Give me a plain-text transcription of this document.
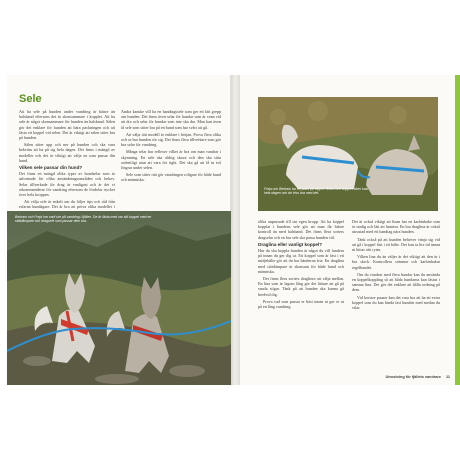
Sele

Att ha sele på hunden under vandring är bättre än halsband eftersom det är skonsammare i kopplet. Att ha sele är något skonsammare för hunden än halsband. Sälen gör det enklare för hunden att bära packningen och att fästa ett koppel vid selen. Det är viktigt att selen sitter bra på hunden.

Sälen sitter upp och ner på hunden och ska vara bekväm att ha på sig hela dagen. Det finns i mängd av modeller och det är viktigt att välja en som passar din hund.

Vilken sele passar din hund?

Det finns en mängd olika typer av hundselar som är utformade för olika användningsområden och behov. Selar tillverkade för drag är vanligast och är det vi rekommenderar för vandring eftersom de fördelar trycket över hela kroppen.

Att välja sele är enkelt om du följer tips och råd från erfarna hundägare. Det är bra att pröva olika modeller i

Andra kanske vill ha en handtagssele som ger ett lätt grepp om hunden. Det finns även selar för hundar som är vana vid att dra och selar för hundar som inte ska dra. Man kan även få sele som sitter bra på en hund som har svårt att gå.

Att välja rätt modell är enklare i början. Prova flera olika och se hur hunden rör sig. Det finns flera tillverkare som gör bra selar för vandring.

Många selar har reflexer vilket är bra om man vandrar i skymning. En sele ska aldrig skava och den ska sitta ordentligt utan att vara för tight. Det ska gå att få in två fingrar under selen.

Sele som sitter rätt gör vandringen roligare för både hund och människa.

Bertram och Freja har varit ute på vandring i fjällen. De är fästa med var sitt koppel med en stötdämpare och dragsele som passar dem bra.
Freja och Bertram tar en paus på vägen. Selen och kopplet sitter kvar hela dagen och de trivs bra med det.

olika anpassade till sin egen kropp. Att ha koppel kopplat i hundens sele gör att man får bättre kontroll än med halsband. Det finns flera sorters dragselar och en bra sele ska passa hunden väl.

Draglina eller vanligt koppel?

Hur du ska koppla hunden är något du vill fundera på innan du ger dig ut. Ett koppel som är fäst i ett midjebälte gör att du har händerna fria. En draglina med stötdämpare är skonsam för både hund och människa.

Det finns flera sorters draglinor att välja mellan. En lina som är lagom lång gör det lättare att gå på smala stigar. Tänk på att hunden ska kunna gå bredvid dig.

Prova vad som passar er bäst innan ni ger er ut på en lång vandring.

Det är också viktigt att linan har en karbinhake som är stadig och lätt att hantera. En bra draglina är också utrustad med ett handtag nära hunden.

Tänk också på att hunden behöver vänja sig vid att gå i koppel fäst i ett bälte. Det kan ta lite tid innan ni hittar rätt rytm.

Vilken lina du än väljer är det viktigt att den är i bra skick. Kontrollera sömmar och karbinhakar regelbundet.

Om du vandrar med flera hundar kan du använda en koppelkoppling så att båda hundarna kan fästas i samma lina. Det gör det enklare att hålla ordning på dem.

Vid kortare pauser kan det vara bra att ha ett extra koppel som du kan binda fast hunden med medan du vilar.

Utrustning för fjällets vandrare 11
